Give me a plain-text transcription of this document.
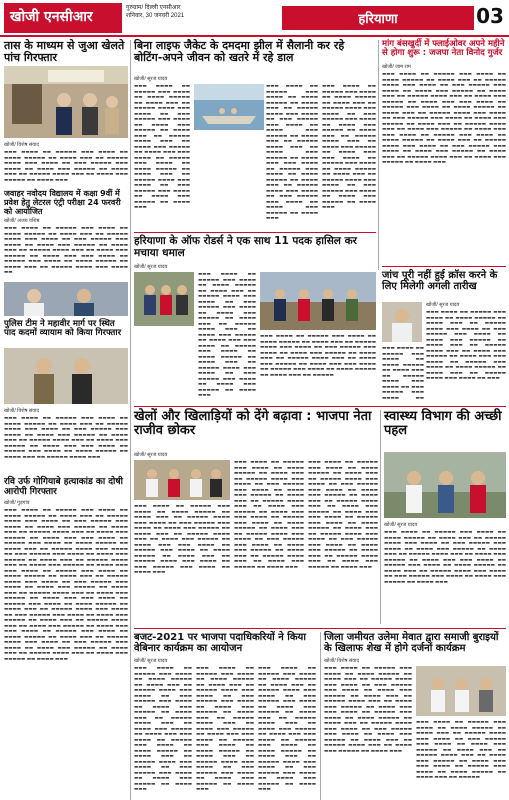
खोजी एनसीआर
गुरुग्राम/ दिल्ली एनसीआर
शनिवार, 30 जनवरी 2021	हरियाणा	03
तास के माध्यम से जुआ खेलते पांच गिरफ्तार
खोजी/ विशेष संवाद
▬▬▬ ▬▬▬▬ ▬▬ ▬▬▬▬▬ ▬▬▬ ▬▬▬▬ ▬▬ ▬▬▬▬ ▬▬▬▬▬ ▬▬ ▬▬▬▬ ▬▬▬ ▬▬ ▬▬▬▬▬ ▬▬▬▬ ▬▬▬ ▬▬▬▬ ▬▬ ▬▬▬ ▬▬▬▬▬ ▬▬▬ ▬▬▬▬ ▬▬ ▬▬▬▬ ▬▬▬ ▬▬▬▬▬ ▬▬ ▬▬▬▬ ▬▬▬ ▬▬ ▬▬▬▬▬ ▬▬▬▬ ▬▬▬ ▬▬ ▬▬▬▬ ▬▬▬ ▬▬▬▬▬ ▬▬ ▬▬▬▬ ▬▬▬
जवाहर नवोदय विद्यालय में कक्षा 9वीं में प्रवेश हेतु लेटरल एंट्री परीक्षा 24 फरवरी को आयोजित
खोजी/ अजय वशिष्ठ
▬▬▬ ▬▬▬▬ ▬▬ ▬▬▬▬▬ ▬▬▬ ▬▬▬▬ ▬▬ ▬▬▬▬ ▬▬▬▬▬ ▬▬ ▬▬▬▬ ▬▬▬ ▬▬ ▬▬▬▬▬ ▬▬▬▬ ▬▬▬ ▬▬▬▬ ▬▬ ▬▬▬ ▬▬▬▬▬ ▬▬▬ ▬▬▬▬ ▬▬ ▬▬▬▬ ▬▬▬ ▬▬▬▬▬ ▬▬ ▬▬▬▬ ▬▬▬ ▬▬ ▬▬▬▬▬ ▬▬▬▬ ▬▬▬ ▬▬ ▬▬▬▬ ▬▬▬ ▬▬▬▬▬ ▬▬ ▬▬▬▬ ▬▬▬ ▬▬▬ ▬▬▬▬ ▬▬ ▬▬▬▬▬ ▬▬▬ ▬▬▬▬ ▬▬ ▬▬▬▬ ▬▬▬▬▬ ▬▬ ▬▬▬▬ ▬▬▬ ▬▬ ▬▬▬▬▬ ▬▬▬▬ ▬▬▬ ▬▬▬▬ ▬▬
पुलिस टीम ने महावीर मार्ग पर स्थित पाद कदमों व्यायाम को किया गिरफ्तार
खोजी/ विशेष संवाद
▬▬▬ ▬▬▬▬ ▬▬ ▬▬▬▬▬ ▬▬▬ ▬▬▬▬ ▬▬ ▬▬▬▬ ▬▬▬▬▬ ▬▬ ▬▬▬▬ ▬▬▬ ▬▬ ▬▬▬▬▬ ▬▬▬▬ ▬▬▬ ▬▬▬▬ ▬▬ ▬▬▬ ▬▬▬▬▬ ▬▬▬ ▬▬▬▬ ▬▬ ▬▬▬▬ ▬▬▬ ▬▬▬▬▬ ▬▬ ▬▬▬▬ ▬▬▬ ▬▬ ▬▬▬▬▬ ▬▬▬▬ ▬▬▬ ▬▬ ▬▬▬▬ ▬▬▬ ▬▬▬▬▬ ▬▬ ▬▬▬▬ ▬▬▬ ▬▬▬ ▬▬▬▬ ▬▬ ▬▬▬▬▬ ▬▬▬ ▬▬▬▬ ▬▬ ▬▬▬▬ ▬▬▬▬▬ ▬▬ ▬▬▬▬ ▬▬▬ ▬▬ ▬▬▬▬▬ ▬▬▬▬ ▬▬▬
रवि उर्फ गोगियाबे हत्याकांड का दोषी आरोपी गिरफ्तार
खोजी/ गुड़गांव
▬▬▬ ▬▬▬▬ ▬▬ ▬▬▬▬▬ ▬▬▬ ▬▬▬▬ ▬▬ ▬▬▬▬ ▬▬▬▬▬ ▬▬ ▬▬▬▬ ▬▬▬ ▬▬ ▬▬▬▬▬ ▬▬▬▬ ▬▬▬ ▬▬▬▬ ▬▬ ▬▬▬ ▬▬▬▬▬ ▬▬▬ ▬▬▬▬ ▬▬ ▬▬▬▬ ▬▬▬ ▬▬▬▬▬ ▬▬ ▬▬▬▬ ▬▬▬ ▬▬ ▬▬▬▬▬ ▬▬▬▬ ▬▬▬ ▬▬ ▬▬▬▬ ▬▬▬ ▬▬▬▬▬ ▬▬ ▬▬▬▬ ▬▬▬ ▬▬▬ ▬▬▬▬ ▬▬ ▬▬▬▬▬ ▬▬▬ ▬▬▬▬ ▬▬ ▬▬▬▬ ▬▬▬▬▬ ▬▬ ▬▬▬▬ ▬▬▬ ▬▬ ▬▬▬▬▬ ▬▬▬▬ ▬▬▬ ▬▬▬▬ ▬▬ ▬▬▬ ▬▬▬▬▬ ▬▬▬ ▬▬▬▬ ▬▬ ▬▬▬▬ ▬▬▬ ▬▬▬▬▬ ▬▬ ▬▬▬▬ ▬▬▬ ▬▬ ▬▬▬▬▬ ▬▬▬▬ ▬▬▬ ▬▬ ▬▬▬▬ ▬▬▬ ▬▬▬▬▬ ▬▬ ▬▬▬▬ ▬▬▬ ▬▬▬ ▬▬▬▬ ▬▬ ▬▬▬▬▬ ▬▬▬ ▬▬▬▬ ▬▬ ▬▬▬▬ ▬▬▬▬▬ ▬▬ ▬▬▬▬ ▬▬▬ ▬▬ ▬▬▬▬▬ ▬▬▬▬ ▬▬▬ ▬▬▬▬ ▬▬ ▬▬▬ ▬▬▬▬▬ ▬▬▬ ▬▬▬▬ ▬▬ ▬▬▬▬ ▬▬▬ ▬▬▬▬▬ ▬▬ ▬▬▬▬ ▬▬▬ ▬▬ ▬▬▬▬▬ ▬▬▬▬ ▬▬▬ ▬▬ ▬▬▬▬ ▬▬▬ ▬▬▬▬▬ ▬▬ ▬▬▬▬ ▬▬▬ ▬▬▬ ▬▬▬▬ ▬▬ ▬▬▬▬▬ ▬▬▬ ▬▬▬▬ ▬▬ ▬▬▬▬ ▬▬▬▬▬ ▬▬ ▬▬▬▬ ▬▬▬ ▬▬ ▬▬▬▬▬ ▬▬▬▬ ▬▬▬ ▬▬▬▬ ▬▬ ▬▬▬ ▬▬▬▬▬ ▬▬▬ ▬▬▬▬ ▬▬ ▬▬▬▬ ▬▬▬ ▬▬▬▬▬ ▬▬ ▬▬▬▬ ▬▬▬ ▬▬ ▬▬▬▬▬ ▬▬▬▬ ▬▬▬ ▬▬ ▬▬▬▬ ▬▬▬ ▬▬▬▬▬ ▬▬ ▬▬▬▬ ▬▬▬ ▬▬▬ ▬▬▬▬ ▬▬ ▬▬▬▬▬ ▬▬▬ ▬▬▬▬ ▬▬ ▬▬▬▬ ▬▬▬▬▬ ▬▬ ▬▬▬▬ ▬▬▬ ▬▬ ▬▬▬▬▬ ▬▬▬▬ ▬▬▬ ▬▬▬▬ ▬▬ ▬▬▬ ▬▬▬▬▬ ▬▬▬ ▬▬▬▬ ▬▬ ▬▬▬▬ ▬▬▬ ▬▬▬▬▬ ▬▬ ▬▬▬▬ ▬▬▬ ▬▬ ▬▬▬▬▬ ▬▬▬▬ ▬▬▬ ▬▬ ▬▬▬▬ ▬▬▬ ▬▬▬▬▬ ▬▬ ▬▬▬▬ ▬▬▬
बिना लाइफ जैकेट के दमदमा झील में सैलानी कर रहे बोटिंग-अपने जीवन को खतरे में रहे डाल
खोजी/ सूरज यादव
▬▬▬ ▬▬▬▬ ▬▬ ▬▬▬▬▬ ▬▬▬ ▬▬▬▬ ▬▬ ▬▬▬▬ ▬▬▬▬▬ ▬▬ ▬▬▬▬ ▬▬▬ ▬▬ ▬▬▬▬▬ ▬▬▬▬ ▬▬▬ ▬▬▬▬ ▬▬ ▬▬▬ ▬▬▬▬▬ ▬▬▬ ▬▬▬▬ ▬▬ ▬▬▬▬ ▬▬▬ ▬▬▬▬▬ ▬▬ ▬▬▬▬ ▬▬▬ ▬▬ ▬▬▬▬▬ ▬▬▬▬ ▬▬▬ ▬▬ ▬▬▬▬ ▬▬▬ ▬▬▬▬▬ ▬▬ ▬▬▬▬ ▬▬▬ ▬▬▬ ▬▬▬▬ ▬▬ ▬▬▬▬▬ ▬▬▬ ▬▬▬▬ ▬▬ ▬▬▬▬ ▬▬▬▬▬ ▬▬ ▬▬▬▬ ▬▬▬ ▬▬ ▬▬▬▬▬ ▬▬▬▬ ▬▬▬ ▬▬▬▬ ▬▬ ▬▬▬ ▬▬▬▬▬ ▬▬▬ ▬▬▬▬ ▬▬ ▬▬▬▬ ▬▬▬ ▬▬▬▬▬ ▬▬ ▬▬▬▬ ▬▬▬
▬▬▬ ▬▬▬▬ ▬▬ ▬▬▬▬▬ ▬▬▬ ▬▬▬▬ ▬▬ ▬▬▬▬ ▬▬▬▬▬ ▬▬ ▬▬▬▬ ▬▬▬ ▬▬ ▬▬▬▬▬ ▬▬▬▬ ▬▬▬ ▬▬▬▬ ▬▬ ▬▬▬ ▬▬▬▬▬ ▬▬▬ ▬▬▬▬ ▬▬ ▬▬▬▬ ▬▬▬ ▬▬▬▬▬ ▬▬ ▬▬▬▬ ▬▬▬ ▬▬ ▬▬▬▬▬ ▬▬▬▬ ▬▬▬ ▬▬ ▬▬▬▬ ▬▬▬ ▬▬▬▬▬ ▬▬ ▬▬▬▬ ▬▬▬ ▬▬▬ ▬▬▬▬ ▬▬ ▬▬▬▬▬ ▬▬▬ ▬▬▬▬ ▬▬ ▬▬▬▬ ▬▬▬▬▬ ▬▬ ▬▬▬▬ ▬▬▬ ▬▬ ▬▬▬▬▬ ▬▬▬▬ ▬▬▬ ▬▬▬▬ ▬▬ ▬▬▬ ▬▬▬▬▬ ▬▬▬ ▬▬▬▬ ▬▬ ▬▬▬▬ ▬▬▬ ▬▬▬▬▬ ▬▬ ▬▬▬▬ ▬▬▬
▬▬▬ ▬▬▬▬ ▬▬ ▬▬▬▬▬ ▬▬▬ ▬▬▬▬ ▬▬ ▬▬▬▬ ▬▬▬▬▬ ▬▬ ▬▬▬▬ ▬▬▬ ▬▬ ▬▬▬▬▬ ▬▬▬▬ ▬▬▬ ▬▬▬▬ ▬▬ ▬▬▬ ▬▬▬▬▬ ▬▬▬ ▬▬▬▬ ▬▬ ▬▬▬▬ ▬▬▬ ▬▬▬▬▬ ▬▬ ▬▬▬▬ ▬▬▬ ▬▬ ▬▬▬▬▬ ▬▬▬▬ ▬▬▬ ▬▬ ▬▬▬▬ ▬▬▬ ▬▬▬▬▬ ▬▬ ▬▬▬▬ ▬▬▬ ▬▬▬ ▬▬▬▬ ▬▬ ▬▬▬▬▬ ▬▬▬ ▬▬▬▬ ▬▬ ▬▬▬▬ ▬▬▬▬▬ ▬▬ ▬▬▬▬ ▬▬▬ ▬▬ ▬▬▬▬▬ ▬▬▬▬ ▬▬▬ ▬▬▬▬ ▬▬ ▬▬▬ ▬▬▬▬▬ ▬▬▬ ▬▬▬▬ ▬▬ ▬▬▬▬ ▬▬▬ ▬▬▬▬▬ ▬▬ ▬▬▬▬ ▬▬▬
हरियाणा के ऑफ रोडर्स ने एक साथ 11 पदक हासिल कर मचाया धमाल
खोजी/ सूरज यादव
▬▬▬ ▬▬▬▬ ▬▬ ▬▬▬▬▬ ▬▬▬ ▬▬▬▬ ▬▬ ▬▬▬▬ ▬▬▬▬▬ ▬▬ ▬▬▬▬ ▬▬▬ ▬▬ ▬▬▬▬▬ ▬▬▬▬ ▬▬▬ ▬▬▬▬ ▬▬ ▬▬▬ ▬▬▬▬▬ ▬▬▬ ▬▬▬▬ ▬▬ ▬▬▬▬ ▬▬▬ ▬▬▬▬▬ ▬▬ ▬▬▬▬ ▬▬▬ ▬▬ ▬▬▬▬▬ ▬▬▬▬ ▬▬▬ ▬▬ ▬▬▬▬ ▬▬▬ ▬▬▬▬▬ ▬▬ ▬▬▬▬ ▬▬▬ ▬▬▬ ▬▬▬▬ ▬▬ ▬▬▬▬▬ ▬▬▬ ▬▬▬▬ ▬▬ ▬▬▬▬ ▬▬▬▬▬ ▬▬ ▬▬▬▬ ▬▬▬ ▬▬ ▬▬▬▬▬ ▬▬▬▬ ▬▬▬ ▬▬▬▬ ▬▬ ▬▬▬ ▬▬▬▬▬ ▬▬▬ ▬▬▬▬ ▬▬ ▬▬▬▬ ▬▬▬ ▬▬▬▬▬ ▬▬ ▬▬▬▬ ▬▬▬
▬▬▬ ▬▬▬▬ ▬▬ ▬▬▬▬▬ ▬▬▬ ▬▬▬▬ ▬▬ ▬▬▬▬ ▬▬▬▬▬ ▬▬ ▬▬▬▬ ▬▬▬ ▬▬ ▬▬▬▬▬ ▬▬▬▬ ▬▬▬ ▬▬▬▬ ▬▬ ▬▬▬ ▬▬▬▬▬ ▬▬▬ ▬▬▬▬ ▬▬ ▬▬▬▬ ▬▬▬ ▬▬▬▬▬ ▬▬ ▬▬▬▬ ▬▬▬ ▬▬ ▬▬▬▬▬ ▬▬▬▬ ▬▬▬ ▬▬ ▬▬▬▬ ▬▬▬ ▬▬▬▬▬ ▬▬ ▬▬▬▬ ▬▬▬ ▬▬▬ ▬▬▬▬ ▬▬ ▬▬▬▬▬ ▬▬▬ ▬▬▬▬ ▬▬ ▬▬▬▬ ▬▬▬▬▬ ▬▬ ▬▬▬▬ ▬▬▬ ▬▬ ▬▬▬▬▬
मांग बंसखुर्दी में फ्लाईओवर अपने महीने से होगा शुरू : जजपा नेता विनोद गुर्जर
खोजी/ जाम राम
▬▬▬ ▬▬▬▬ ▬▬ ▬▬▬▬▬ ▬▬▬ ▬▬▬▬ ▬▬ ▬▬▬▬ ▬▬▬▬▬ ▬▬ ▬▬▬▬ ▬▬▬ ▬▬ ▬▬▬▬▬ ▬▬▬▬ ▬▬▬ ▬▬▬▬ ▬▬ ▬▬▬ ▬▬▬▬▬ ▬▬▬ ▬▬▬▬ ▬▬ ▬▬▬▬ ▬▬▬ ▬▬▬▬▬ ▬▬ ▬▬▬▬ ▬▬▬ ▬▬ ▬▬▬▬▬ ▬▬▬▬ ▬▬▬ ▬▬ ▬▬▬▬ ▬▬▬ ▬▬▬▬▬ ▬▬ ▬▬▬▬ ▬▬▬ ▬▬▬ ▬▬▬▬ ▬▬ ▬▬▬▬▬ ▬▬▬ ▬▬▬▬ ▬▬ ▬▬▬▬ ▬▬▬▬▬ ▬▬ ▬▬▬▬ ▬▬▬ ▬▬ ▬▬▬▬▬ ▬▬▬▬ ▬▬▬ ▬▬▬▬ ▬▬ ▬▬▬ ▬▬▬▬▬ ▬▬▬ ▬▬▬▬ ▬▬ ▬▬▬▬ ▬▬▬ ▬▬▬▬▬ ▬▬ ▬▬▬▬ ▬▬▬ ▬▬ ▬▬▬▬▬ ▬▬▬▬ ▬▬▬ ▬▬ ▬▬▬▬ ▬▬▬ ▬▬▬▬▬ ▬▬ ▬▬▬▬ ▬▬▬ ▬▬▬ ▬▬▬▬ ▬▬ ▬▬▬▬▬ ▬▬▬ ▬▬▬▬ ▬▬ ▬▬▬▬ ▬▬▬▬▬ ▬▬ ▬▬▬▬ ▬▬▬ ▬▬ ▬▬▬▬▬ ▬▬▬▬ ▬▬▬ ▬▬▬▬ ▬▬ ▬▬▬ ▬▬▬▬▬ ▬▬▬ ▬▬▬▬ ▬▬ ▬▬▬▬ ▬▬▬ ▬▬▬▬▬ ▬▬ ▬▬▬▬ ▬▬▬ ▬▬ ▬▬▬▬▬ ▬▬▬▬ ▬▬▬ ▬▬ ▬▬▬▬ ▬▬▬ ▬▬▬▬▬ ▬▬ ▬▬▬▬ ▬▬▬
जांच पूरी नहीं हुई क्रॉस करने के लिए मिलेगी अगली तारीख
खोजी/ सूरज यादव
▬▬▬ ▬▬▬▬ ▬▬ ▬▬▬▬▬ ▬▬▬ ▬▬▬▬ ▬▬ ▬▬▬▬ ▬▬▬▬▬ ▬▬ ▬▬▬▬ ▬▬▬ ▬▬ ▬▬▬▬▬ ▬▬▬▬ ▬▬▬ ▬▬▬▬ ▬▬ ▬▬▬ ▬▬▬▬▬ ▬▬▬ ▬▬▬▬ ▬▬ ▬▬▬▬ ▬▬▬ ▬▬▬▬▬ ▬▬ ▬▬▬▬ ▬▬▬ ▬▬ ▬▬▬▬▬ ▬▬▬▬ ▬▬▬ ▬▬ ▬▬▬▬ ▬▬▬ ▬▬▬▬▬ ▬▬ ▬▬▬▬ ▬▬▬ ▬▬▬ ▬▬▬▬ ▬▬ ▬▬▬▬▬ ▬▬▬ ▬▬▬▬ ▬▬ ▬▬▬▬ ▬▬▬▬▬ ▬▬ ▬▬▬▬ ▬▬▬ ▬▬ ▬▬▬▬▬ ▬▬▬▬ ▬▬▬ ▬▬▬▬ ▬▬ ▬▬▬
▬▬▬ ▬▬▬▬ ▬▬ ▬▬▬▬▬ ▬▬▬ ▬▬▬▬ ▬▬ ▬▬▬▬ ▬▬▬▬▬ ▬▬ ▬▬▬▬ ▬▬▬ ▬▬ ▬▬▬▬▬ ▬▬▬▬ ▬▬▬ ▬▬▬▬ ▬▬ ▬▬▬ ▬▬▬▬▬ ▬▬▬ ▬▬▬▬ ▬▬
खेलों और खिलाड़ियों को देंगे बढ़ावा : भाजपा नेता राजीव छोकर
खोजी/ सूरज यादव
▬▬▬ ▬▬▬▬ ▬▬ ▬▬▬▬▬ ▬▬▬ ▬▬▬▬ ▬▬ ▬▬▬▬ ▬▬▬▬▬ ▬▬ ▬▬▬▬ ▬▬▬ ▬▬ ▬▬▬▬▬ ▬▬▬▬ ▬▬▬ ▬▬▬▬ ▬▬ ▬▬▬ ▬▬▬▬▬ ▬▬▬ ▬▬▬▬ ▬▬ ▬▬▬▬ ▬▬▬ ▬▬▬▬▬ ▬▬ ▬▬▬▬ ▬▬▬ ▬▬ ▬▬▬▬▬ ▬▬▬▬ ▬▬▬ ▬▬ ▬▬▬▬ ▬▬▬ ▬▬▬▬▬ ▬▬ ▬▬▬▬ ▬▬▬ ▬▬▬ ▬▬▬▬ ▬▬ ▬▬▬▬▬ ▬▬▬ ▬▬▬▬ ▬▬ ▬▬▬▬ ▬▬▬▬▬ ▬▬ ▬▬▬▬ ▬▬▬ ▬▬ ▬▬▬▬▬ ▬▬▬▬ ▬▬▬ ▬▬▬▬ ▬▬ ▬▬▬ ▬▬▬▬▬ ▬▬▬ ▬▬▬▬ ▬▬ ▬▬▬▬ ▬▬▬ ▬▬▬▬▬ ▬▬ ▬▬▬▬ ▬▬▬ ▬▬ ▬▬▬▬▬ ▬▬▬▬ ▬▬▬ ▬▬ ▬▬▬▬ ▬▬▬ ▬▬▬▬▬ ▬▬ ▬▬▬▬ ▬▬▬
▬▬▬ ▬▬▬▬ ▬▬ ▬▬▬▬▬ ▬▬▬ ▬▬▬▬ ▬▬ ▬▬▬▬ ▬▬▬▬▬ ▬▬ ▬▬▬▬ ▬▬▬ ▬▬ ▬▬▬▬▬ ▬▬▬▬ ▬▬▬ ▬▬▬▬ ▬▬ ▬▬▬ ▬▬▬▬▬ ▬▬▬ ▬▬▬▬ ▬▬ ▬▬▬▬ ▬▬▬ ▬▬▬▬▬ ▬▬ ▬▬▬▬ ▬▬▬ ▬▬ ▬▬▬▬▬ ▬▬▬▬ ▬▬▬ ▬▬ ▬▬▬▬ ▬▬▬ ▬▬▬▬▬ ▬▬ ▬▬▬▬ ▬▬▬ ▬▬▬ ▬▬▬▬ ▬▬ ▬▬▬▬▬ ▬▬▬ ▬▬▬▬ ▬▬ ▬▬▬▬ ▬▬▬▬▬ ▬▬ ▬▬▬▬ ▬▬▬ ▬▬ ▬▬▬▬▬ ▬▬▬▬ ▬▬▬ ▬▬▬▬ ▬▬ ▬▬▬ ▬▬▬▬▬ ▬▬▬ ▬▬▬▬ ▬▬ ▬▬▬▬ ▬▬▬
▬▬▬ ▬▬▬▬ ▬▬ ▬▬▬▬▬ ▬▬▬ ▬▬▬▬ ▬▬ ▬▬▬▬ ▬▬▬▬▬ ▬▬ ▬▬▬▬ ▬▬▬ ▬▬ ▬▬▬▬▬ ▬▬▬▬ ▬▬▬ ▬▬▬▬ ▬▬ ▬▬▬ ▬▬▬▬▬ ▬▬▬ ▬▬▬▬ ▬▬ ▬▬▬▬ ▬▬▬ ▬▬▬▬▬ ▬▬ ▬▬▬▬ ▬▬▬ ▬▬ ▬▬▬▬▬ ▬▬▬▬ ▬▬▬ ▬▬ ▬▬▬▬ ▬▬▬ ▬▬▬▬▬ ▬▬ ▬▬▬▬ ▬▬▬ ▬▬▬ ▬▬▬▬ ▬▬ ▬▬▬▬▬ ▬▬▬ ▬▬▬▬ ▬▬ ▬▬▬▬ ▬▬▬▬▬ ▬▬ ▬▬▬▬ ▬▬▬ ▬▬ ▬▬▬▬▬ ▬▬▬▬ ▬▬▬ ▬▬▬▬ ▬▬ ▬▬▬ ▬▬▬▬▬ ▬▬▬ ▬▬▬▬ ▬▬ ▬▬▬▬ ▬▬▬ ▬▬▬▬▬ ▬▬ ▬▬▬▬ ▬▬▬ ▬▬ ▬▬▬▬▬ ▬▬▬▬ ▬▬▬ ▬▬ ▬▬▬▬ ▬▬▬ ▬▬▬▬▬ ▬▬ ▬▬▬▬ ▬▬▬
स्वास्थ्य विभाग की अच्छी पहल
खोजी/ सूरज यादव
▬▬▬ ▬▬▬▬ ▬▬ ▬▬▬▬▬ ▬▬▬ ▬▬▬▬ ▬▬ ▬▬▬▬ ▬▬▬▬▬ ▬▬ ▬▬▬▬ ▬▬▬ ▬▬ ▬▬▬▬▬ ▬▬▬▬ ▬▬▬ ▬▬▬▬ ▬▬ ▬▬▬ ▬▬▬▬▬ ▬▬▬ ▬▬▬▬ ▬▬ ▬▬▬▬ ▬▬▬ ▬▬▬▬▬ ▬▬ ▬▬▬▬ ▬▬▬ ▬▬ ▬▬▬▬▬ ▬▬▬▬ ▬▬▬ ▬▬ ▬▬▬▬ ▬▬▬ ▬▬▬▬▬ ▬▬ ▬▬▬▬ ▬▬▬ ▬▬▬ ▬▬▬▬ ▬▬ ▬▬▬▬▬ ▬▬▬ ▬▬▬▬ ▬▬ ▬▬▬▬ ▬▬▬▬▬ ▬▬ ▬▬▬▬ ▬▬▬ ▬▬ ▬▬▬▬▬ ▬▬▬▬ ▬▬▬ ▬▬▬▬ ▬▬ ▬▬▬ ▬▬▬▬▬ ▬▬▬ ▬▬▬▬ ▬▬ ▬▬▬▬ ▬▬▬ ▬▬▬▬▬ ▬▬ ▬▬▬▬ ▬▬▬
बजट-2021 पर भाजपा पदाधिकरियों ने किया वेबिनार कार्यक्रम का आयोजन
खोजी/ सूरज यादव
▬▬▬ ▬▬▬▬ ▬▬ ▬▬▬▬▬ ▬▬▬ ▬▬▬▬ ▬▬ ▬▬▬▬ ▬▬▬▬▬ ▬▬ ▬▬▬▬ ▬▬▬ ▬▬ ▬▬▬▬▬ ▬▬▬▬ ▬▬▬ ▬▬▬▬ ▬▬ ▬▬▬ ▬▬▬▬▬ ▬▬▬ ▬▬▬▬ ▬▬ ▬▬▬▬ ▬▬▬ ▬▬▬▬▬ ▬▬ ▬▬▬▬ ▬▬▬ ▬▬ ▬▬▬▬▬ ▬▬▬▬ ▬▬▬ ▬▬ ▬▬▬▬ ▬▬▬ ▬▬▬▬▬ ▬▬ ▬▬▬▬ ▬▬▬ ▬▬▬ ▬▬▬▬ ▬▬ ▬▬▬▬▬ ▬▬▬ ▬▬▬▬ ▬▬ ▬▬▬▬ ▬▬▬▬▬ ▬▬ ▬▬▬▬ ▬▬▬ ▬▬ ▬▬▬▬▬ ▬▬▬▬ ▬▬▬ ▬▬▬▬ ▬▬ ▬▬▬ ▬▬▬▬▬ ▬▬▬ ▬▬▬▬ ▬▬ ▬▬▬▬ ▬▬▬ ▬▬▬▬▬ ▬▬ ▬▬▬▬ ▬▬▬
▬▬▬ ▬▬▬▬ ▬▬ ▬▬▬▬▬ ▬▬▬ ▬▬▬▬ ▬▬ ▬▬▬▬ ▬▬▬▬▬ ▬▬ ▬▬▬▬ ▬▬▬ ▬▬ ▬▬▬▬▬ ▬▬▬▬ ▬▬▬ ▬▬▬▬ ▬▬ ▬▬▬ ▬▬▬▬▬ ▬▬▬ ▬▬▬▬ ▬▬ ▬▬▬▬ ▬▬▬ ▬▬▬▬▬ ▬▬ ▬▬▬▬ ▬▬▬ ▬▬ ▬▬▬▬▬ ▬▬▬▬ ▬▬▬ ▬▬ ▬▬▬▬ ▬▬▬ ▬▬▬▬▬ ▬▬ ▬▬▬▬ ▬▬▬ ▬▬▬ ▬▬▬▬ ▬▬ ▬▬▬▬▬ ▬▬▬ ▬▬▬▬ ▬▬ ▬▬▬▬ ▬▬▬▬▬ ▬▬ ▬▬▬▬ ▬▬▬ ▬▬ ▬▬▬▬▬ ▬▬▬▬ ▬▬▬ ▬▬▬▬ ▬▬ ▬▬▬ ▬▬▬▬▬ ▬▬▬ ▬▬▬▬ ▬▬ ▬▬▬▬ ▬▬▬ ▬▬▬▬▬ ▬▬ ▬▬▬▬ ▬▬▬
▬▬▬ ▬▬▬▬ ▬▬ ▬▬▬▬▬ ▬▬▬ ▬▬▬▬ ▬▬ ▬▬▬▬ ▬▬▬▬▬ ▬▬ ▬▬▬▬ ▬▬▬ ▬▬ ▬▬▬▬▬ ▬▬▬▬ ▬▬▬ ▬▬▬▬ ▬▬ ▬▬▬ ▬▬▬▬▬ ▬▬▬ ▬▬▬▬ ▬▬ ▬▬▬▬ ▬▬▬ ▬▬▬▬▬ ▬▬ ▬▬▬▬ ▬▬▬ ▬▬ ▬▬▬▬▬ ▬▬▬▬ ▬▬▬ ▬▬ ▬▬▬▬ ▬▬▬ ▬▬▬▬▬ ▬▬ ▬▬▬▬ ▬▬▬ ▬▬▬ ▬▬▬▬ ▬▬ ▬▬▬▬▬ ▬▬▬ ▬▬▬▬ ▬▬ ▬▬▬▬ ▬▬▬▬▬ ▬▬ ▬▬▬▬ ▬▬▬ ▬▬ ▬▬▬▬▬ ▬▬▬▬ ▬▬▬ ▬▬▬▬ ▬▬ ▬▬▬ ▬▬▬▬▬ ▬▬▬ ▬▬▬▬ ▬▬ ▬▬▬▬ ▬▬▬ ▬▬▬▬▬ ▬▬ ▬▬▬▬ ▬▬▬
जिला जमीयत उलेमा मेवात द्वारा समाजी बुराइयों के खिलाफ शेख में होगे दर्जनों कार्यक्रम
खोजी/ विशेष संवाद
▬▬▬ ▬▬▬▬ ▬▬ ▬▬▬▬▬ ▬▬▬ ▬▬▬▬ ▬▬ ▬▬▬▬ ▬▬▬▬▬ ▬▬ ▬▬▬▬ ▬▬▬ ▬▬ ▬▬▬▬▬ ▬▬▬▬ ▬▬▬ ▬▬▬▬ ▬▬ ▬▬▬ ▬▬▬▬▬ ▬▬▬ ▬▬▬▬ ▬▬ ▬▬▬▬ ▬▬▬ ▬▬▬▬▬ ▬▬ ▬▬▬▬ ▬▬▬ ▬▬ ▬▬▬▬▬ ▬▬▬▬ ▬▬▬ ▬▬ ▬▬▬▬ ▬▬▬ ▬▬▬▬▬ ▬▬ ▬▬▬▬ ▬▬▬ ▬▬▬ ▬▬▬▬ ▬▬ ▬▬▬▬▬ ▬▬▬ ▬▬▬▬ ▬▬ ▬▬▬▬ ▬▬▬▬▬ ▬▬ ▬▬▬▬ ▬▬▬ ▬▬ ▬▬▬▬▬ ▬▬▬▬ ▬▬▬ ▬▬▬▬ ▬▬ ▬▬▬ ▬▬▬▬▬ ▬▬▬ ▬▬▬▬ ▬▬ ▬▬▬▬ ▬▬▬ ▬▬▬▬▬ ▬▬ ▬▬▬▬ ▬▬▬ ▬▬ ▬▬▬▬▬ ▬▬▬▬ ▬▬▬ ▬▬ ▬▬▬▬ ▬▬▬ ▬▬▬▬▬ ▬▬ ▬▬▬▬ ▬▬▬
▬▬▬ ▬▬▬▬ ▬▬ ▬▬▬▬▬ ▬▬▬ ▬▬▬▬ ▬▬ ▬▬▬▬ ▬▬▬▬▬ ▬▬ ▬▬▬▬ ▬▬▬ ▬▬ ▬▬▬▬▬ ▬▬▬▬ ▬▬▬ ▬▬▬▬ ▬▬ ▬▬▬ ▬▬▬▬▬ ▬▬▬ ▬▬▬▬ ▬▬ ▬▬▬▬ ▬▬▬ ▬▬▬▬▬ ▬▬ ▬▬▬▬ ▬▬▬ ▬▬ ▬▬▬▬▬ ▬▬▬▬ ▬▬▬ ▬▬ ▬▬▬▬ ▬▬▬ ▬▬▬▬▬ ▬▬ ▬▬▬▬ ▬▬▬ ▬▬▬ ▬▬▬▬ ▬▬ ▬▬▬▬▬ ▬▬▬ ▬▬▬▬ ▬▬ ▬▬▬▬ ▬▬▬▬▬ ▬▬ ▬▬▬▬ ▬▬▬ ▬▬ ▬▬▬▬▬
